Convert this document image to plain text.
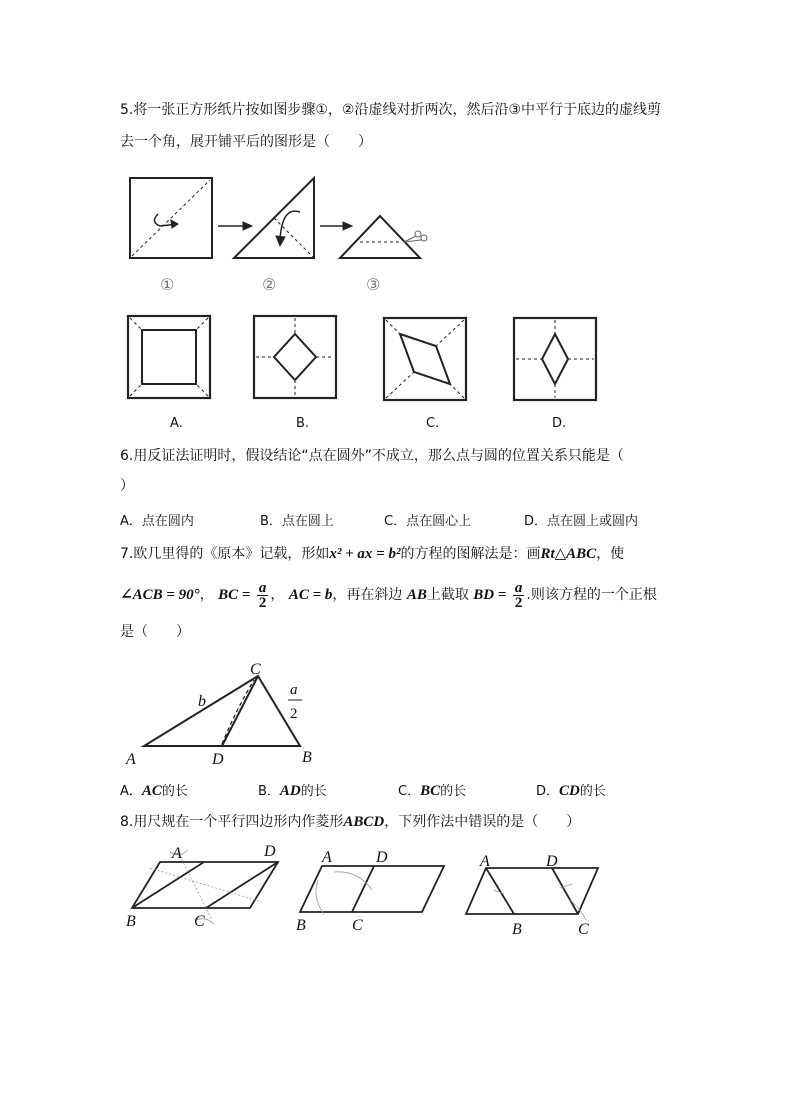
5.将一张正方形纸片按如图步骤①，②沿虚线对折两次，然后沿③中平行于底边的虚线剪
去一个角，展开铺平后的图形是（　　）
①	②	③
A	B
C
D
b
a
2
A	D
B	C
A	D
B	C
A	D
B	C
A.	B.	C.	D.
6.用反证法证明时，假设结论“点在圆外”不成立，那么点与圆的位置关系只能是（
）
A．点在圆内	B．点在圆上	C．点在圆心上	D．点在圆上或圆内
7.欧几里得的《原本》记载，形如x² + ax = b²的方程的图解法是：画Rt△ABC，使
∠ACB = 90°， BC = $\frac{a}{2}$ ， AC = b，再在斜边 AB上截取 BD = $\frac{a}{2}$ .则该方程的一个正根
是（　　）
A．AC的长	B．AD的长	C．BC的长	D．CD的长
8.用尺规在一个平行四边形内作菱形ABCD，下列作法中错误的是（　　）
